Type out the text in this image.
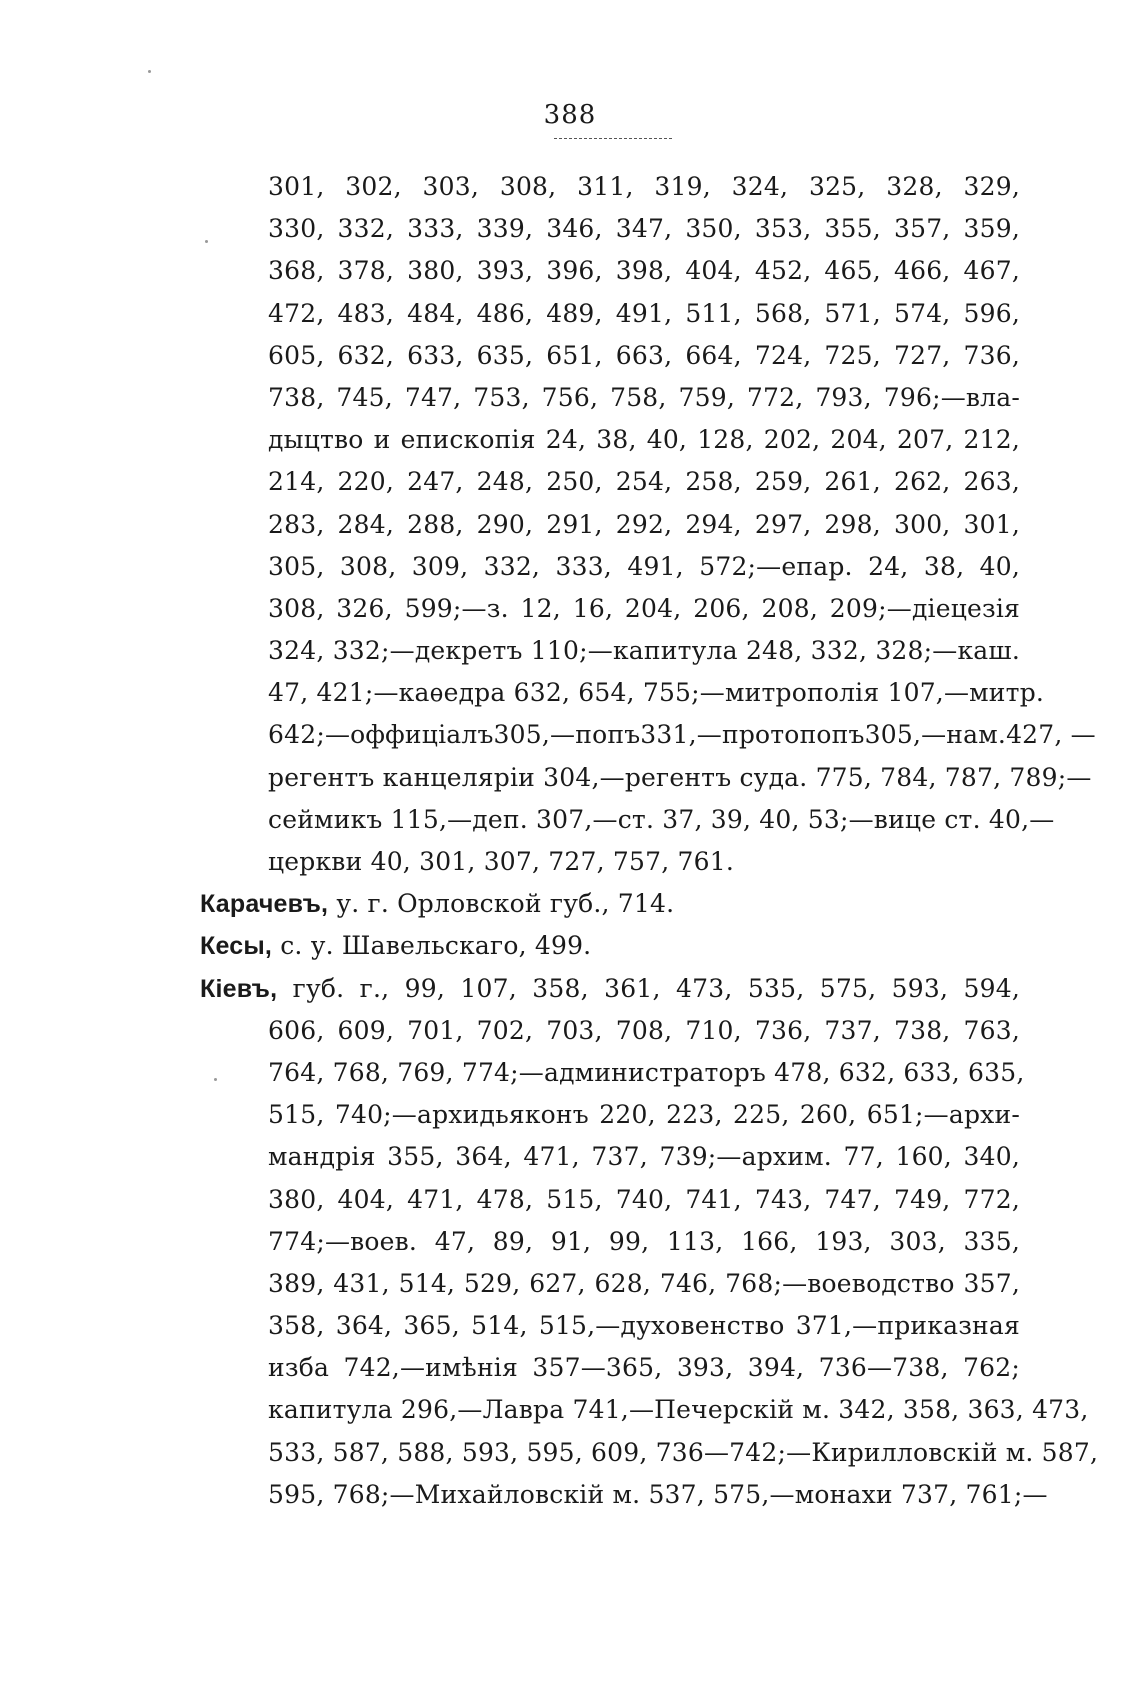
388
301, 302, 303, 308, 311, 319, 324, 325, 328, 329,
330, 332, 333, 339, 346, 347, 350, 353, 355, 357, 359,
368, 378, 380, 393, 396, 398, 404, 452, 465, 466, 467,
472, 483, 484, 486, 489, 491, 511, 568, 571, 574, 596,
605, 632, 633, 635, 651, 663, 664, 724, 725, 727, 736,
738, 745, 747, 753, 756, 758, 759, 772, 793, 796;—вла-
дыцтво и епископія 24, 38, 40, 128, 202, 204, 207, 212,
214, 220, 247, 248, 250, 254, 258, 259, 261, 262, 263,
283, 284, 288, 290, 291, 292, 294, 297, 298, 300, 301,
305, 308, 309, 332, 333, 491, 572;—епар. 24, 38, 40,
308, 326, 599;—з. 12, 16, 204, 206, 208, 209;—діецезія
324, 332;—декретъ 110;—капитула 248, 332, 328;—каш.
47, 421;—каѳедра 632, 654, 755;—митрополія 107,—митр.
642;—оффиціалъ305,—попъ331,—протопопъ305,—нам.427, —
регентъ канцеляріи 304,—регентъ суда. 775, 784, 787, 789;—
сеймикъ 115,—деп. 307,—ст. 37, 39, 40, 53;—вице ст. 40,—
церкви 40, 301, 307, 727, 757, 761.
Карачевъ, у. г. Орловской губ., 714.
Кесы, с. у. Шавельскаго, 499.
Кіевъ, губ. г., 99, 107, 358, 361, 473, 535, 575, 593, 594,
606, 609, 701, 702, 703, 708, 710, 736, 737, 738, 763,
764, 768, 769, 774;—администраторъ 478, 632, 633, 635,
515, 740;—архидьяконъ 220, 223, 225, 260, 651;—архи-
мандрія 355, 364, 471, 737, 739;—архим. 77, 160, 340,
380, 404, 471, 478, 515, 740, 741, 743, 747, 749, 772,
774;—воев. 47, 89, 91, 99, 113, 166, 193, 303, 335,
389, 431, 514, 529, 627, 628, 746, 768;—воеводство 357,
358, 364, 365, 514, 515,—духовенство 371,—приказная
изба 742,—имѣнія 357—365, 393, 394, 736—738, 762;
капитула 296,—Лавра 741,—Печерскій м. 342, 358, 363, 473,
533, 587, 588, 593, 595, 609, 736—742;—Кирилловскій м. 587,
595, 768;—Михайловскій м. 537, 575,—монахи 737, 761;—
